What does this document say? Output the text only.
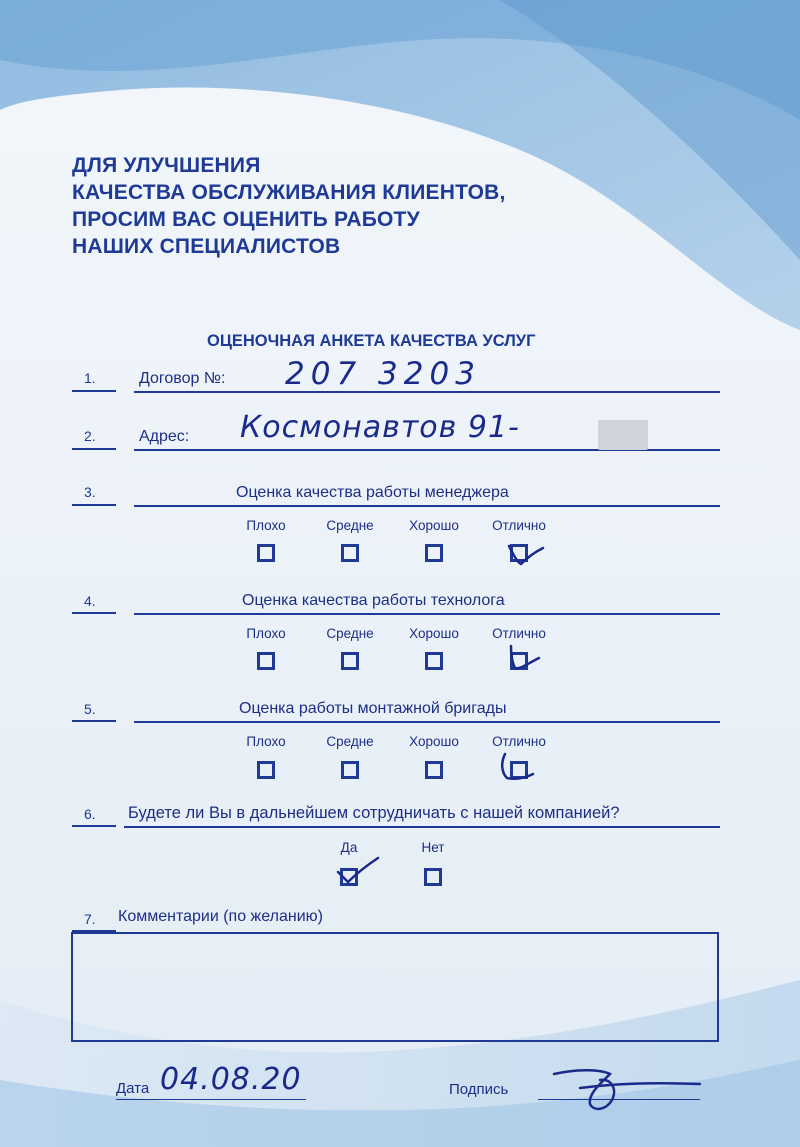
ДЛЯ УЛУЧШЕНИЯ
КАЧЕСТВА ОБСЛУЖИВАНИЯ КЛИЕНТОВ,
ПРОСИМ ВАС ОЦЕНИТЬ РАБОТУ
НАШИХ СПЕЦИАЛИСТОВ
ОЦЕНОЧНАЯ АНКЕТА КАЧЕСТВА УСЛУГ
1.	Договор №: 207 3203
2.	Адрес: Космонавтов 91-
3.	Оценка качества работы менеджера
Плохо	Средне	Хорошо	Отлично
4.	Оценка качества работы технолога
Плохо	Средне	Хорошо	Отлично
5.	Оценка работы монтажной бригады
Плохо	Средне	Хорошо	Отлично
6. Будете ли Вы в дальнейшем сотрудничать с нашей компанией?
Да	Нет
7. Комментарии (по желанию)
Дата 04.08.20	Подпись
